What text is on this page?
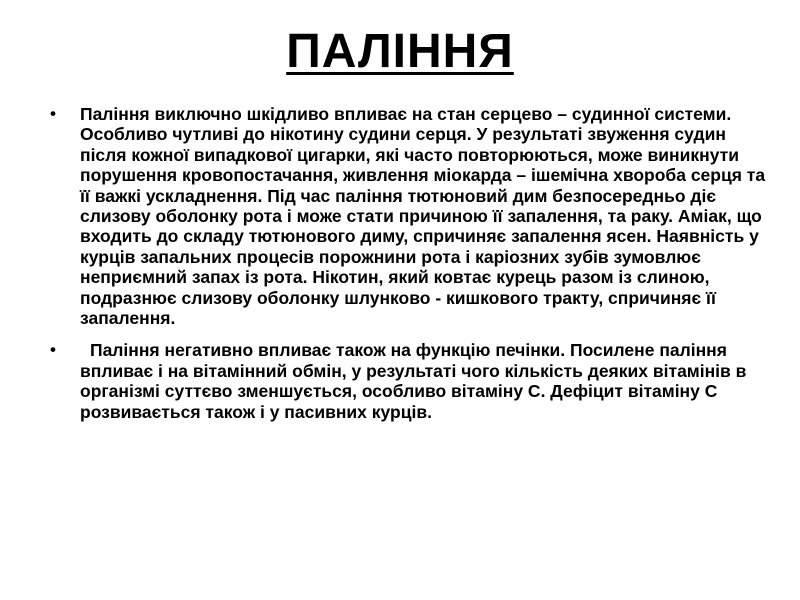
ПАЛІННЯ
• Паління виключно шкідливо впливає на стан серцево – судинної системи. Особливо чутливі до нікотину судини серця. У результаті звуження судин після кожної випадкової цигарки, які часто повторюються, може виникнути порушення кровопостачання, живлення міокарда – ішемічна хвороба серця та її важкі ускладнення. Під час паління тютюновий дим безпосередньо діє слизову оболонку рота і може стати причиною її запалення, та раку. Аміак, що входить до складу тютюнового диму, спричиняє запалення ясен. Наявність у курців запальних процесів порожнини рота і каріозних зубів зумовлює неприємний запах із рота. Нікотин, який ковтає курець разом із слиною, подразнює слизову оболонку шлунково - кишкового тракту, спричиняє її запалення.
• Паління негативно впливає також на функцію печінки. Посилене паління впливає і на вітамінний обмін, у результаті чого кількість деяких вітамінів в організмі суттєво зменшується, особливо вітаміну С. Дефіцит вітаміну С розвивається також і у пасивних курців.
